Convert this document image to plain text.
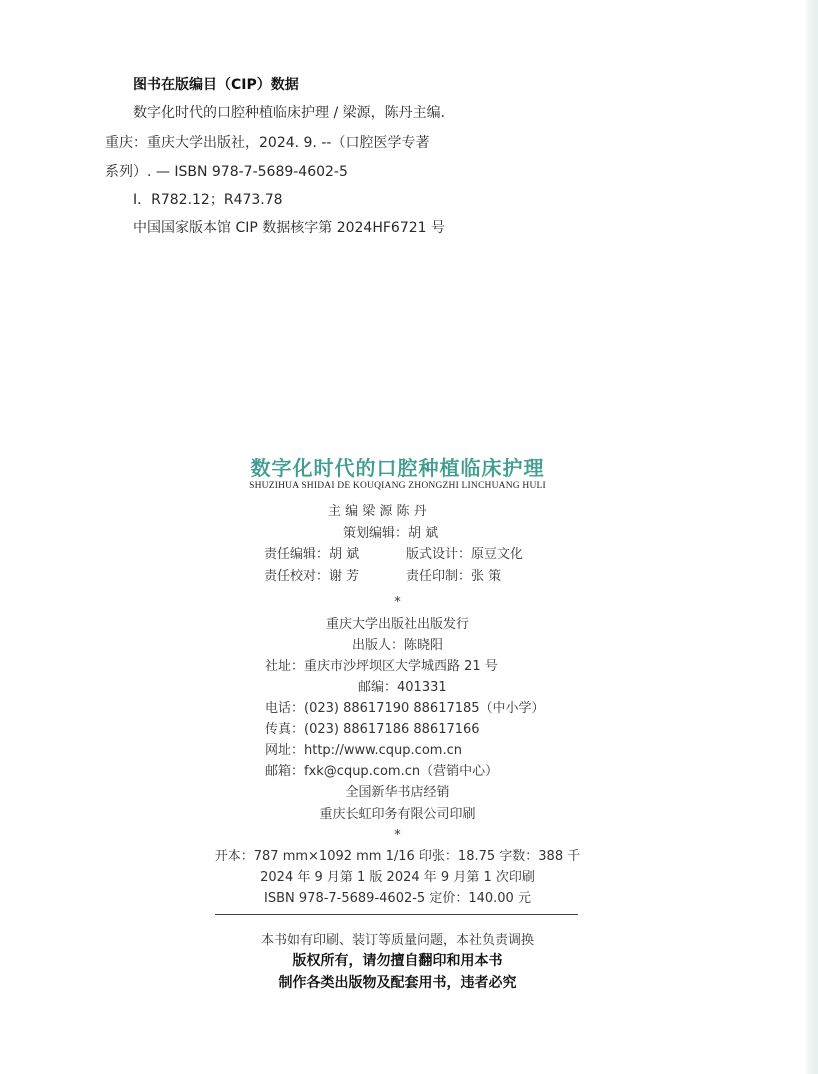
图书在版编目（CIP）数据
数字化时代的口腔种植临床护理 / 梁源，陈丹主编．
重庆：重庆大学出版社，2024. 9. --（口腔医学专著
系列）. — ISBN 978-7-5689-4602-5
Ⅰ．R782.12；R473.78
中国国家版本馆 CIP 数据核字第 2024HF6721 号
数字化时代的口腔种植临床护理
SHUZIHUA SHIDAI DE KOUQIANG ZHONGZHI LINCHUANG HULI
主 编 梁 源 陈 丹
策划编辑：胡 斌
责任编辑：胡 斌	版式设计：原豆文化
责任校对：谢 芳	责任印制：张 策
*
重庆大学出版社出版发行
出版人：陈晓阳
社址：重庆市沙坪坝区大学城西路 21 号
邮编：401331
电话：(023) 88617190 88617185（中小学）
传真：(023) 88617186 88617166
网址：http://www.cqup.com.cn
邮箱：fxk@cqup.com.cn（营销中心）
全国新华书店经销
重庆长虹印务有限公司印刷
*
开本：787 mm×1092 mm 1/16 印张：18.75 字数：388 千
2024 年 9 月第 1 版 2024 年 9 月第 1 次印刷
ISBN 978-7-5689-4602-5 定价：140.00 元
本书如有印刷、装订等质量问题，本社负责调换
版权所有，请勿擅自翻印和用本书
制作各类出版物及配套用书，违者必究
